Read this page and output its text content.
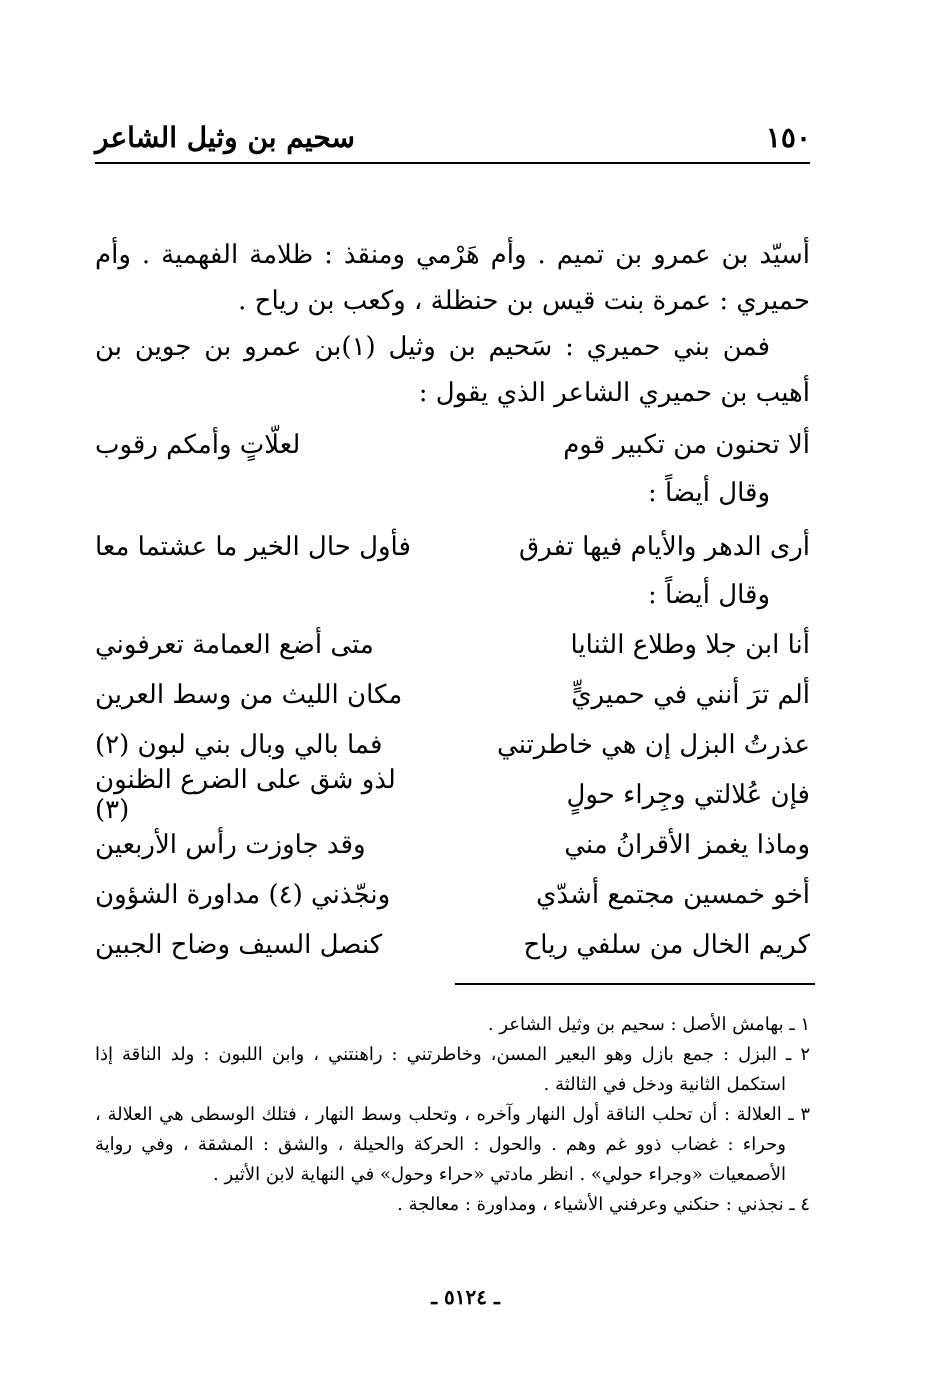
سحيم بن وثيل الشاعر	١٥٠

أسيّد بن عمرو بن تميم . وأم هَرْمي ومنقذ : ظلامة الفهمية . وأم حميري : عمرة بنت قيس بن حنظلة ، وكعب بن رياح .

فمن بني حميري : سَحيم بن وثيل (١)بن عمرو بن جوين بن أهيب بن حميري الشاعر الذي يقول :

ألا تحنون من تكبير قوم
لعلّاتٍ وأمكم رقوب
وقال أيضاً :
أرى الدهر والأيام فيها تفرق
فأول حال الخير ما عشتما معا
وقال أيضاً :
أنا ابن جلا وطلاع الثنايا
متى أضع العمامة تعرفوني
ألم ترَ أنني في حميريٍّ
مكان الليث من وسط العرين
عذرتُ البزل إن هي خاطرتني
فما بالي وبال بني لبون (٢)
فإن عُلالتي وجِراء حولٍ
لذو شق على الضرع الظنون (٣)
وماذا يغمز الأقرانُ مني
وقد جاوزت رأس الأربعين
أخو خمسين مجتمع أشدّي
ونجّذني (٤) مداورة الشؤون
كريم الخال من سلفي رياح
كنصل السيف وضاح الجبين

١ ـ بهامش الأصل : سحيم بن وثيل الشاعر .

٢ ـ البزل : جمع بازل وهو البعير المسن، وخاطرتني : راهنتني ، وابن اللبون : ولد الناقة إذا استكمل الثانية ودخل في الثالثة .

٣ ـ العلالة : أن تحلب الناقة أول النهار وآخره ، وتحلب وسط النهار ، فتلك الوسطى هي العلالة ، وحراء : غضاب ذوو غم وهم . والحول : الحركة والحيلة ، والشق : المشقة ، وفي رواية الأصمعيات «وجراء حولي» . انظر مادتي «حراء وحول» في النهاية لابن الأثير .

٤ ـ نجذني : حنكني وعرفني الأشياء ، ومداورة : معالجة .

ـ ٥١٢٤ ـ
